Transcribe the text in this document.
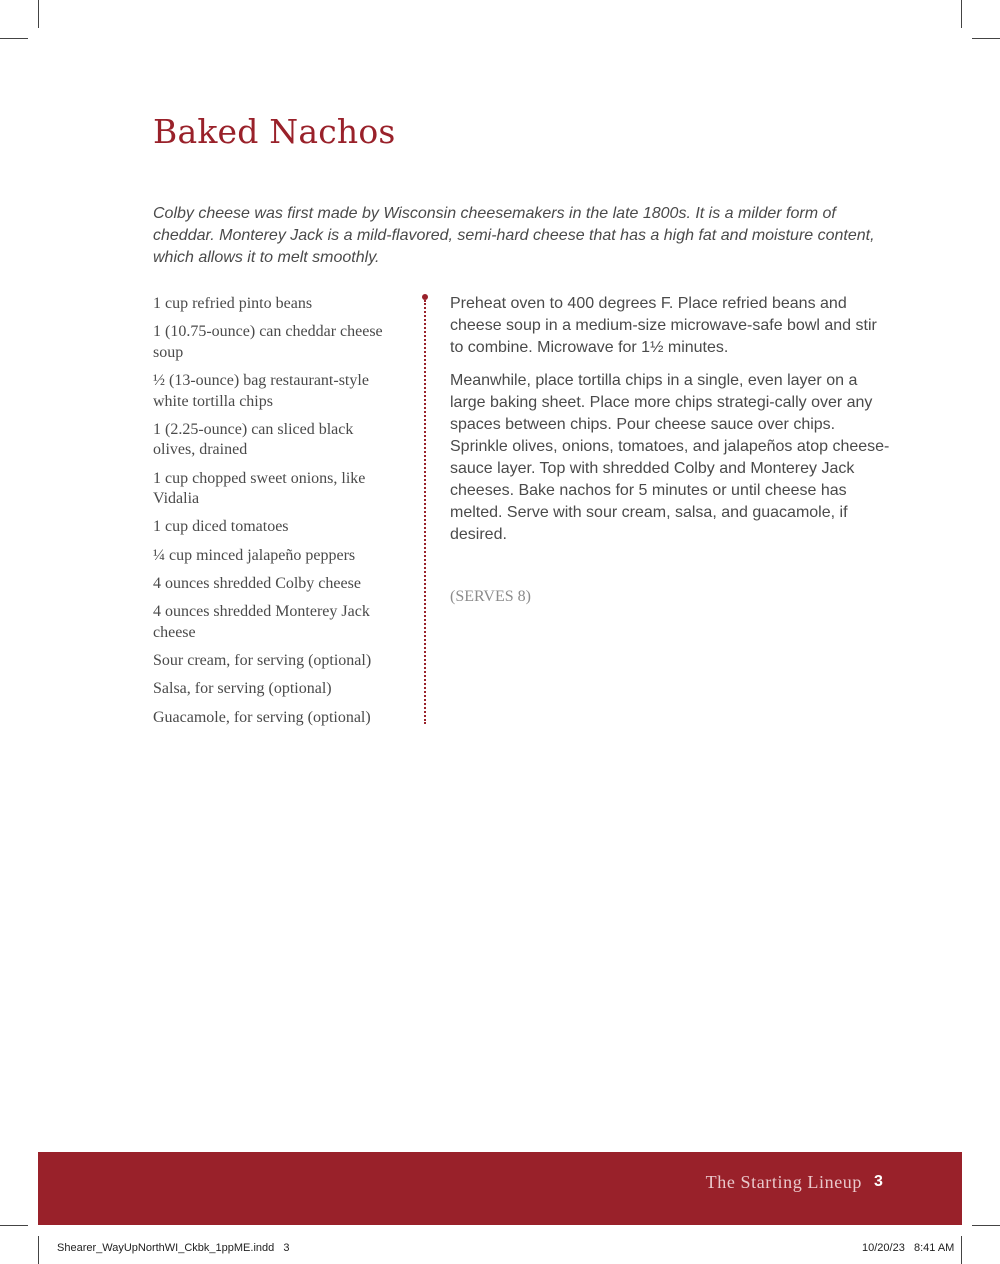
Baked Nachos

Colby cheese was first made by Wisconsin cheesemakers in the late 1800s. It is a milder form of cheddar. Monterey Jack is a mild-flavored, semi-hard cheese that has a high fat and moisture content, which allows it to melt smoothly.

1 cup refried pinto beans
1 (10.75-ounce) can cheddar cheese soup
½ (13-ounce) bag restaurant-style white tortilla chips
1 (2.25-ounce) can sliced black olives, drained
1 cup chopped sweet onions, like Vidalia
1 cup diced tomatoes
¼ cup minced jalapeño peppers
4 ounces shredded Colby cheese
4 ounces shredded Monterey Jack cheese
Sour cream, for serving (optional)
Salsa, for serving (optional)
Guacamole, for serving (optional)

Preheat oven to 400 degrees F. Place refried beans and cheese soup in a medium-size microwave-safe bowl and stir to combine. Microwave for 1½ minutes.

Meanwhile, place tortilla chips in a single, even layer on a large baking sheet. Place more chips strategi-cally over any spaces between chips. Pour cheese sauce over chips. Sprinkle olives, onions, tomatoes, and jalapeños atop cheese-sauce layer. Top with shredded Colby and Monterey Jack cheeses. Bake nachos for 5 minutes or until cheese has melted. Serve with sour cream, salsa, and guacamole, if desired.

(SERVES 8)

The Starting Lineup 3
Shearer_WayUpNorthWI_Ckbk_1ppME.indd   3	10/20/23   8:41 AM
